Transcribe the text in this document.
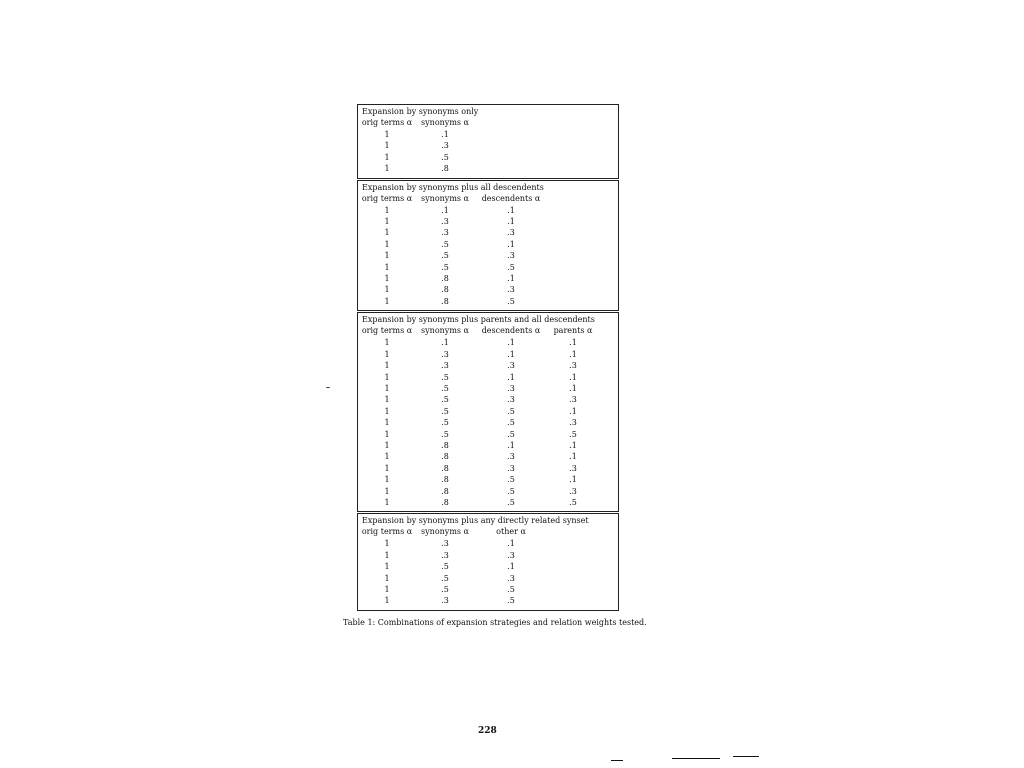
Expansion by synonyms only
orig terms α	synonyms α
1	.1
1	.3
1	.5
1	.8
Expansion by synonyms plus all descendents
orig terms α	synonyms α	descendents α
1	.1	.1
1	.3	.1
1	.3	.3
1	.5	.1
1	.5	.3
1	.5	.5
1	.8	.1
1	.8	.3
1	.8	.5
Expansion by synonyms plus parents and all descendents
orig terms α	synonyms α	descendents α	parents α
1	.1	.1	.1
1	.3	.1	.1
1	.3	.3	.3
1	.5	.1	.1
1	.5	.3	.1
1	.5	.3	.3
1	.5	.5	.1
1	.5	.5	.3
1	.5	.5	.5
1	.8	.1	.1
1	.8	.3	.1
1	.8	.3	.3
1	.8	.5	.1
1	.8	.5	.3
1	.8	.5	.5
Expansion by synonyms plus any directly related synset
orig terms α	synonyms α	other α
1	.3	.1
1	.3	.3
1	.5	.1
1	.5	.3
1	.5	.5
1	.3	.5
Table 1: Combinations of expansion strategies and relation weights tested.
228
